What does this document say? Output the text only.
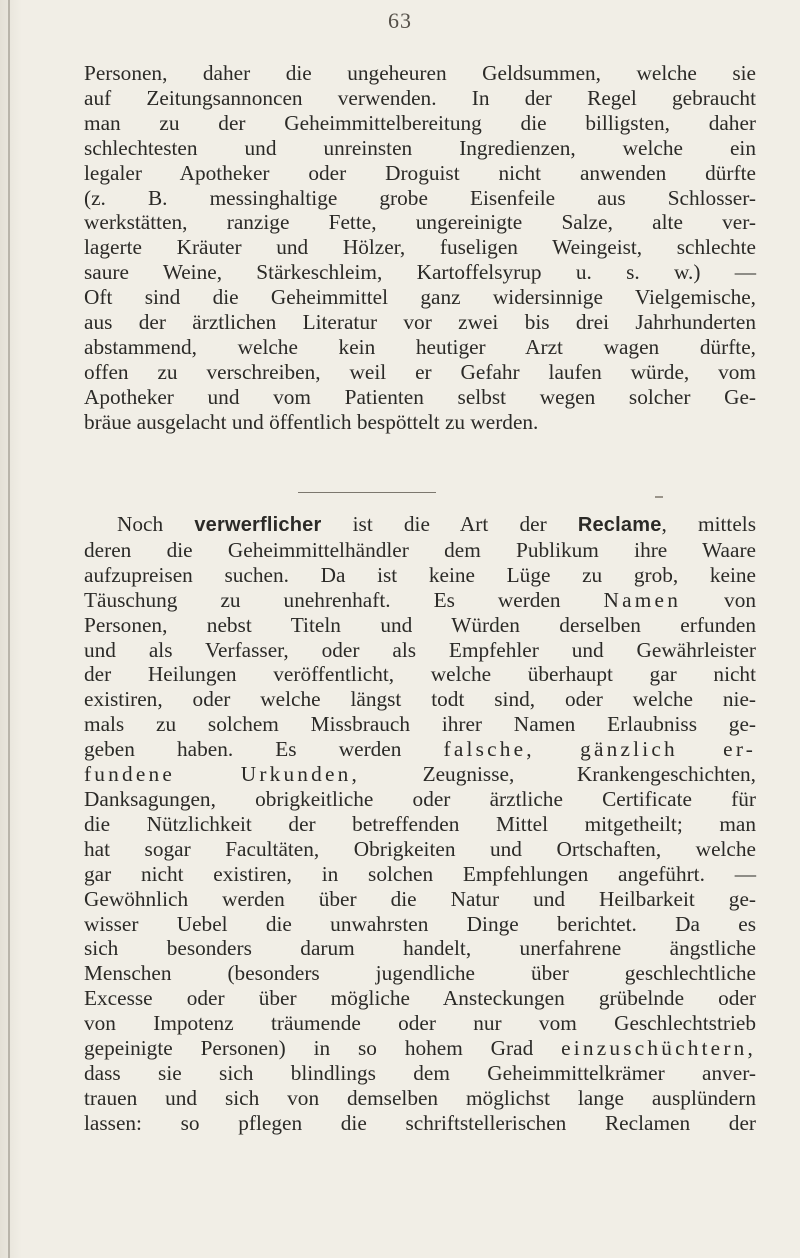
63
Personen, daher die ungeheuren Geldsummen, welche sie
auf Zeitungsannoncen verwenden. In der Regel gebraucht
man zu der Geheimmittelbereitung die billigsten, daher
schlechtesten und unreinsten Ingredienzen, welche ein
legaler Apotheker oder Droguist nicht anwenden dürfte
(z. B. messinghaltige grobe Eisenfeile aus Schlosser-
werkstätten, ranzige Fette, ungereinigte Salze, alte ver-
lagerte Kräuter und Hölzer, fuseligen Weingeist, schlechte
saure Weine, Stärkeschleim, Kartoffelsyrup u. s. w.) —
Oft sind die Geheimmittel ganz widersinnige Vielgemische,
aus der ärztlichen Literatur vor zwei bis drei Jahrhunderten
abstammend, welche kein heutiger Arzt wagen dürfte,
offen zu verschreiben, weil er Gefahr laufen würde, vom
Apotheker und vom Patienten selbst wegen solcher Ge-
bräue ausgelacht und öffentlich bespöttelt zu werden.
Noch verwerflicher ist die Art der Reclame, mittels
deren die Geheimmittelhändler dem Publikum ihre Waare
aufzupreisen suchen. Da ist keine Lüge zu grob, keine
Täuschung zu unehrenhaft. Es werden Namen von
Personen, nebst Titeln und Würden derselben erfunden
und als Verfasser, oder als Empfehler und Gewährleister
der Heilungen veröffentlicht, welche überhaupt gar nicht
existiren, oder welche längst todt sind, oder welche nie-
mals zu solchem Missbrauch ihrer Namen Erlaubniss ge-
geben haben. Es werden falsche, gänzlich er-
fundene Urkunden,	Zeugnisse, Krankengeschichten,
Danksagungen, obrigkeitliche oder ärztliche Certificate für
die Nützlichkeit der betreffenden Mittel mitgetheilt; man
hat sogar Facultäten, Obrigkeiten und Ortschaften, welche
gar nicht existiren, in solchen Empfehlungen angeführt. —
Gewöhnlich werden über die Natur und Heilbarkeit ge-
wisser Uebel die unwahrsten Dinge berichtet. Da es
sich besonders darum handelt, unerfahrene ängstliche
Menschen (besonders jugendliche über geschlechtliche
Excesse oder über mögliche Ansteckungen grübelnde oder
von Impotenz träumende oder nur vom Geschlechtstrieb
gepeinigte Personen) in so hohem Grad einzuschüchtern,
dass sie sich blindlings dem Geheimmittelkrämer anver-
trauen und sich von demselben möglichst lange ausplündern
lassen: so pflegen die schriftstellerischen Reclamen der
